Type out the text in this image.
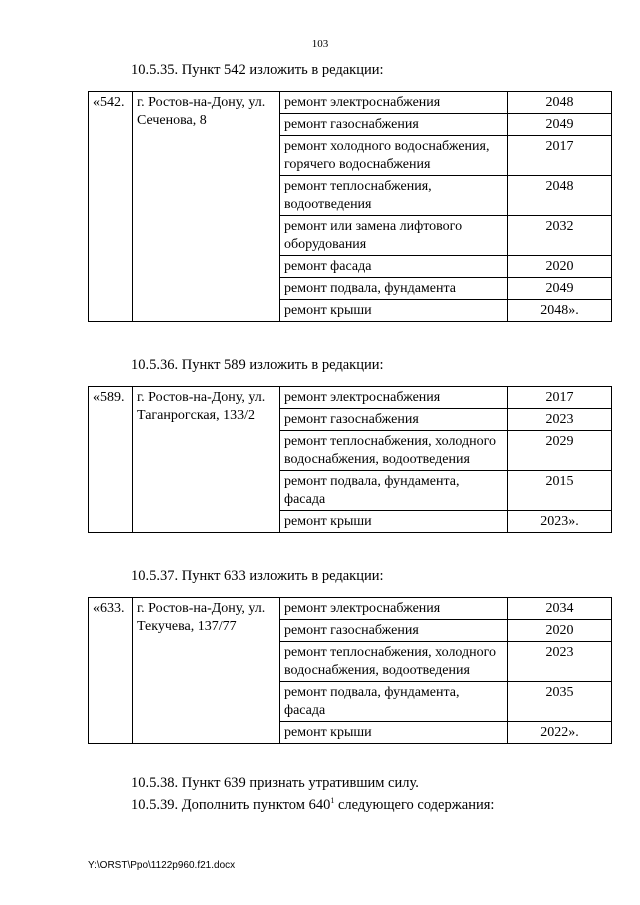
103
10.5.35. Пункт 542 изложить в редакции:
«542.	г. Ростов-на-Дону, ул. Сеченова, 8	ремонт электроснабжения	2048
		ремонт газоснабжения	2049
		ремонт холодного водоснабжения, горячего водоснабжения	2017
		ремонт теплоснабжения, водоотведения	2048
		ремонт или замена лифтового оборудования	2032
		ремонт фасада	2020
		ремонт подвала, фундамента	2049
		ремонт крыши	2048».
10.5.36. Пункт 589 изложить в редакции:
«589.	г. Ростов-на-Дону, ул. Таганрогская, 133/2	ремонт электроснабжения	2017
		ремонт газоснабжения	2023
		ремонт теплоснабжения, холодного водоснабжения, водоотведения	2029
		ремонт подвала, фундамента, фасада	2015
		ремонт крыши	2023».
10.5.37. Пункт 633 изложить в редакции:
«633.	г. Ростов-на-Дону, ул. Текучева, 137/77	ремонт электроснабжения	2034
		ремонт газоснабжения	2020
		ремонт теплоснабжения, холодного водоснабжения, водоотведения	2023
		ремонт подвала, фундамента, фасада	2035
		ремонт крыши	2022».
10.5.38. Пункт 639 признать утратившим силу.
10.5.39. Дополнить пунктом $640^1$ следующего содержания:
Y:\ORST\Ppo\1122p960.f21.docx
